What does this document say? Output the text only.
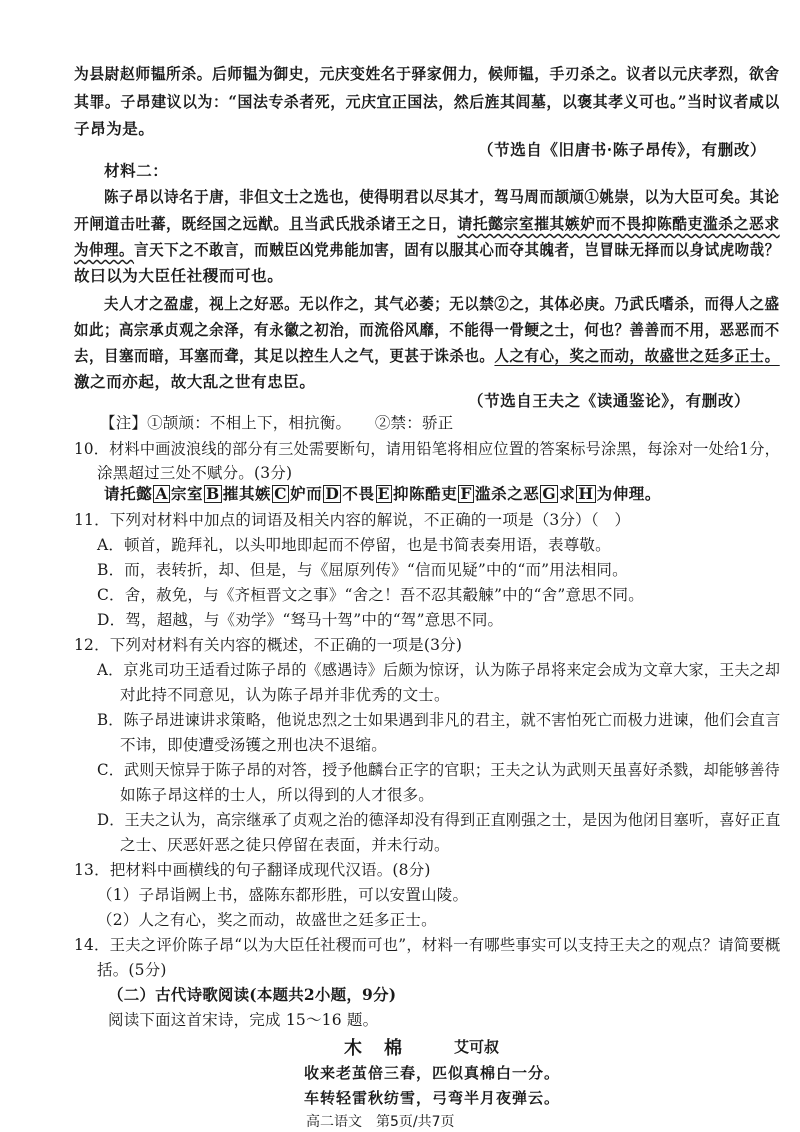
为县尉赵师韫所杀。后师韫为御史，元庆变姓名于驿家佣力，候师韫，手刃杀之。议者以元庆孝烈，欲舍

其罪。子昂建议以为：“国法专杀者死，元庆宜正国法，然后旌其闾墓，以褒其孝义可也。”当时议者咸以

子昂为是。

（节选自《旧唐书·陈子昂传》，有删改）

材料二：

陈子昂以诗名于唐，非但文士之选也，使得明君以尽其才，驾马周而颉颃①姚崇，以为大臣可矣。其论

开闸道击吐蕃，既经国之远猷。且当武氏戕杀诸王之日，请托懿宗室摧其嫉妒而不畏抑陈酷吏滥杀之恶求

为伸理。言天下之不敢言，而贼臣凶党弗能加害，固有以服其心而夺其魄者，岂冒昧无择而以身试虎吻哉？

故曰以为大臣任社稷而可也。

夫人才之盈虚，视上之好恶。无以作之，其气必萎；无以禁②之，其体必庚。乃武氏嗜杀，而得人之盛

如此；高宗承贞观之余泽，有永徽之初治，而流俗风靡，不能得一骨鲠之士，何也？善善而不用，恶恶而不

去，目塞而暗，耳塞而聋，其足以控生人之气，更甚于诛杀也。人之有心，奖之而动，故盛世之廷多正士。

激之而亦起，故大乱之世有忠臣。

（节选自王夫之《读通鉴论》，有删改）

【注】①颉颃：不相上下，相抗衡。　　②禁：骄正

10．材料中画波浪线的部分有三处需要断句，请用铅笔将相应位置的答案标号涂黑，每涂对一处给1分，

涂黑超过三处不赋分。(3分)

请托懿 A 宗室 B 摧其嫉 C 妒而 D 不畏 E 抑陈酷吏 F 滥杀之恶 G 求 H 为伸理。

11．下列对材料中加点的词语及相关内容的解说，不正确的一项是（3分）（　）

A．顿首，跪拜礼，以头叩地即起而不停留，也是书简表奏用语，表尊敬。

B．而，表转折，却、但是，与《屈原列传》“信而见疑”中的“而”用法相同。

C．舍，赦免，与《齐桓晋文之事》“舍之！吾不忍其觳觫”中的“舍”意思不同。

D．驾，超越，与《劝学》“驽马十驾”中的“驾”意思不同。

12．下列对材料有关内容的概述，不正确的一项是(3分)

A．京兆司功王适看过陈子昂的《感遇诗》后颇为惊讶，认为陈子昂将来定会成为文章大家，王夫之却

对此持不同意见，认为陈子昂并非优秀的文士。

B．陈子昂进谏讲求策略，他说忠烈之士如果遇到非凡的君主，就不害怕死亡而极力进谏，他们会直言

不讳，即使遭受汤镬之刑也决不退缩。

C．武则天惊异于陈子昂的对答，授予他麟台正字的官职；王夫之认为武则天虽喜好杀戮，却能够善待

如陈子昂这样的士人，所以得到的人才很多。

D．王夫之认为，高宗继承了贞观之治的德泽却没有得到正直刚强之士，是因为他闭目塞听，喜好正直

之士、厌恶奸恶之徒只停留在表面，并未行动。

13．把材料中画横线的句子翻译成现代汉语。(8分)

（1）子昂诣阙上书，盛陈东都形胜，可以安置山陵。

（2）人之有心，奖之而动，故盛世之廷多正士。

14．王夫之评价陈子昂“以为大臣任社稷而可也”，材料一有哪些事实可以支持王夫之的观点？请简要概

括。(5分)

（二）古代诗歌阅读(本题共2小题，9分)

阅读下面这首宋诗，完成 15～16 题。

木　棉	艾可叔

收来老茧倍三春，匹似真棉白一分。

车转轻雷秋纺雪，弓弯半月夜弹云。

高二语文　第5页/共7页
